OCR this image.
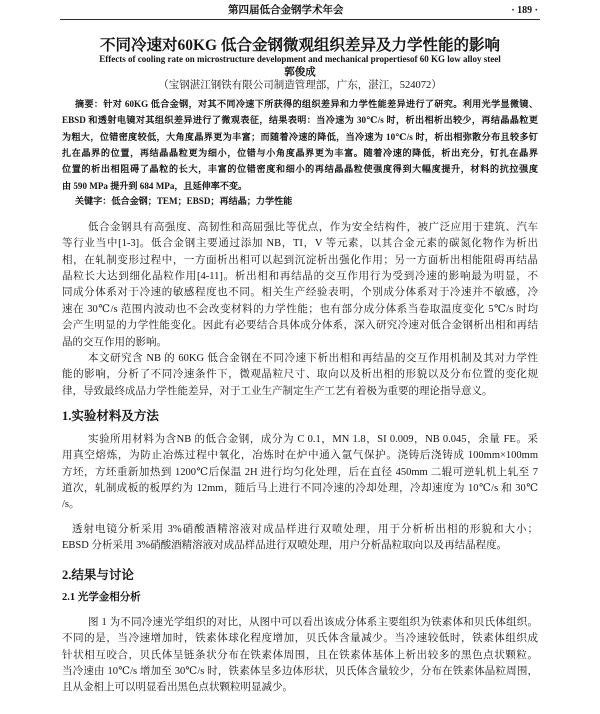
第四届低合金钢学术年会	· 189 ·
不同冷速对60KG 低合金钢微观组织差异及力学性能的影响
Effects of cooling rate on microstructure development and mechanical propertiesof 60 KG low alloy steel
郭俊成
（宝钢湛江钢铁有限公司制造管理部，广东，湛江，524072）
摘要：针对 60KG 低合金钢，对其不同冷速下所获得的组织差异和力学性能差异进行了研究。利用光学显微镜、
EBSD 和透射电镜对其组织差异进行了微观表征，结果表明：当冷速为 30℃/s 时，析出相析出较少，再结晶晶粒更
为粗大，位错密度较低，大角度晶界更为丰富；而随着冷速的降低，当冷速为 10℃/s 时，析出相弥散分布且较多钉
扎在晶界的位置，再结晶晶粒更为细小，位错与小角度晶界更为丰富。随着冷速的降低，析出充分，钉扎在晶界
位置的析出相阻碍了晶粒的长大，丰富的位错密度和细小的再结晶晶粒使强度得到大幅度提升，材料的抗拉强度
由 590 MPa 提升到 684 MPa，且延伸率不变。
关键字：低合金钢；TEM；EBSD；再结晶；力学性能
低合金钢具有高强度、高韧性和高屈强比等优点，作为安全结构件，被广泛应用于建筑、汽车
等行业当中[1-3]。低合金钢主要通过添加 NB，TI，V 等元素，以其合金元素的碳氮化物作为析出
相，在轧制变形过程中，一方面析出相可以起到沉淀析出强化作用；另一方面析出相能阻碍再结晶
晶粒长大达到细化晶粒作用[4-11]。析出相和再结晶的交互作用行为受到冷速的影响最为明显，不
同成分体系对于冷速的敏感程度也不同。相关生产经验表明，个别成分体系对于冷速并不敏感，冷
速在 30℃/s 范围内波动也不会改变材料的力学性能；也有部分成分体系当卷取温度变化 5℃/s 时均
会产生明显的力学性能变化。因此有必要结合具体成分体系，深入研究冷速对低合金钢析出相和再结
晶的交互作用的影响。
本文研究含 NB 的 60KG 低合金钢在不同冷速下析出相和再结晶的交互作用机制及其对力学性
能的影响，分析了不同冷速条件下，微观晶粒尺寸、取向以及析出相的形貌以及分布位置的变化规
律，导致最终成品力学性能差异，对于工业生产制定生产工艺有着极为重要的理论指导意义。
1.实验材料及方法
实验所用材料为含NB 的低合金钢，成分为 C 0.1，MN 1.8，SI 0.009，NB 0.045，余量 FE。采
用真空熔炼，为防止冶炼过程中氧化，冶炼时在炉中通入氩气保护。浇铸后浇铸成 100mm×100mm
方坯，方坯重新加热到 1200℃后保温 2H 进行均匀化处理，后在直径 450mm 二辊可逆轧机上轧至 7
道次，轧制成板的板厚约为 12mm，随后马上进行不同冷速的冷却处理，冷却速度为 10℃/s 和 30℃
/s。
透射电镜分析采用 3%硝酸酒精溶液对成品样进行双喷处理，用于分析析出相的形貌和大小；
EBSD 分析采用 3%硝酸酒精溶液对成品样品进行双喷处理，用户分析晶粒取向以及再结晶程度。
2.结果与讨论
2.1 光学金相分析
图 1 为不同冷速光学组织的对比，从图中可以看出该成分体系主要组织为铁素体和贝氏体组织。
不同的是，当冷速增加时，铁素体球化程度增加，贝氏体含量减少。当冷速较低时，铁素体组织成
针状相互咬合，贝氏体呈链条状分布在铁素体周围，且在铁素体基体上析出较多的黑色点状颗粒。
当冷速由 10℃/s 增加至 30℃/s 时，铁素体呈多边体形状，贝氏体含量较少，分布在铁素体晶粒周围，
且从金相上可以明显看出黑色点状颗粒明显减少。
